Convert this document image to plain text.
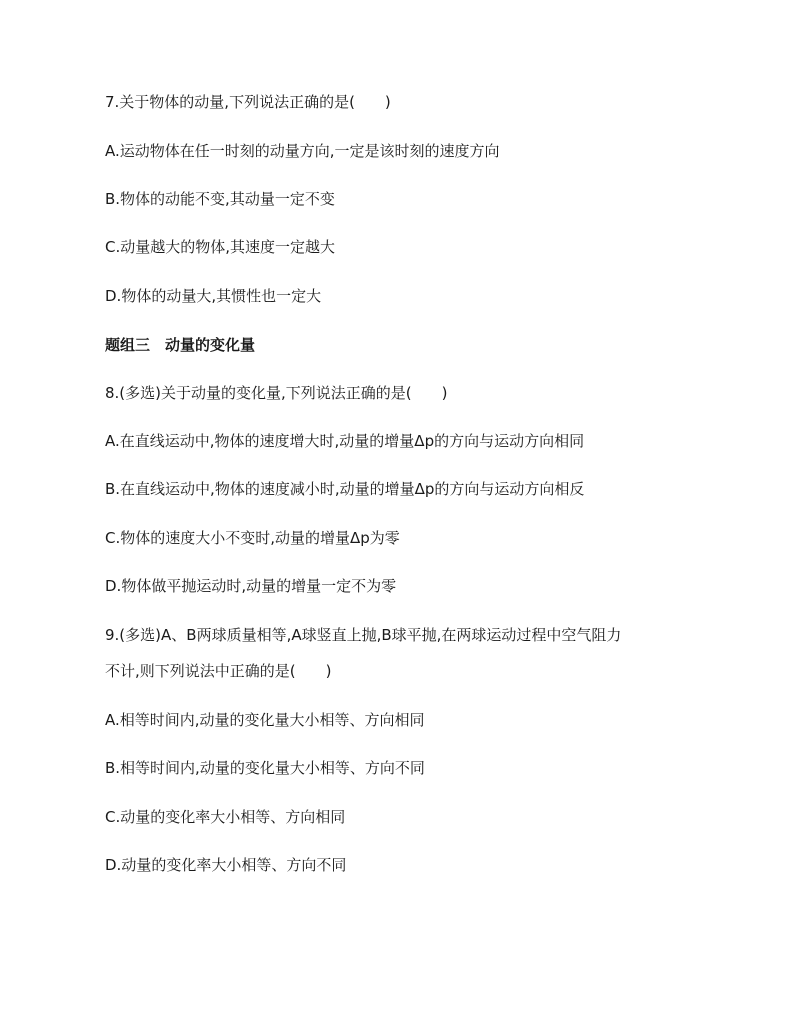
7.关于物体的动量,下列说法正确的是(　　)
A.运动物体在任一时刻的动量方向,一定是该时刻的速度方向
B.物体的动能不变,其动量一定不变
C.动量越大的物体,其速度一定越大
D.物体的动量大,其惯性也一定大
题组三　动量的变化量
8.(多选)关于动量的变化量,下列说法正确的是(　　)
A.在直线运动中,物体的速度增大时,动量的增量Δp的方向与运动方向相同
B.在直线运动中,物体的速度减小时,动量的增量Δp的方向与运动方向相反
C.物体的速度大小不变时,动量的增量Δp为零
D.物体做平抛运动时,动量的增量一定不为零
9.(多选)A、B两球质量相等,A球竖直上抛,B球平抛,在两球运动过程中空气阻力
不计,则下列说法中正确的是(　　)
A.相等时间内,动量的变化量大小相等、方向相同
B.相等时间内,动量的变化量大小相等、方向不同
C.动量的变化率大小相等、方向相同
D.动量的变化率大小相等、方向不同
